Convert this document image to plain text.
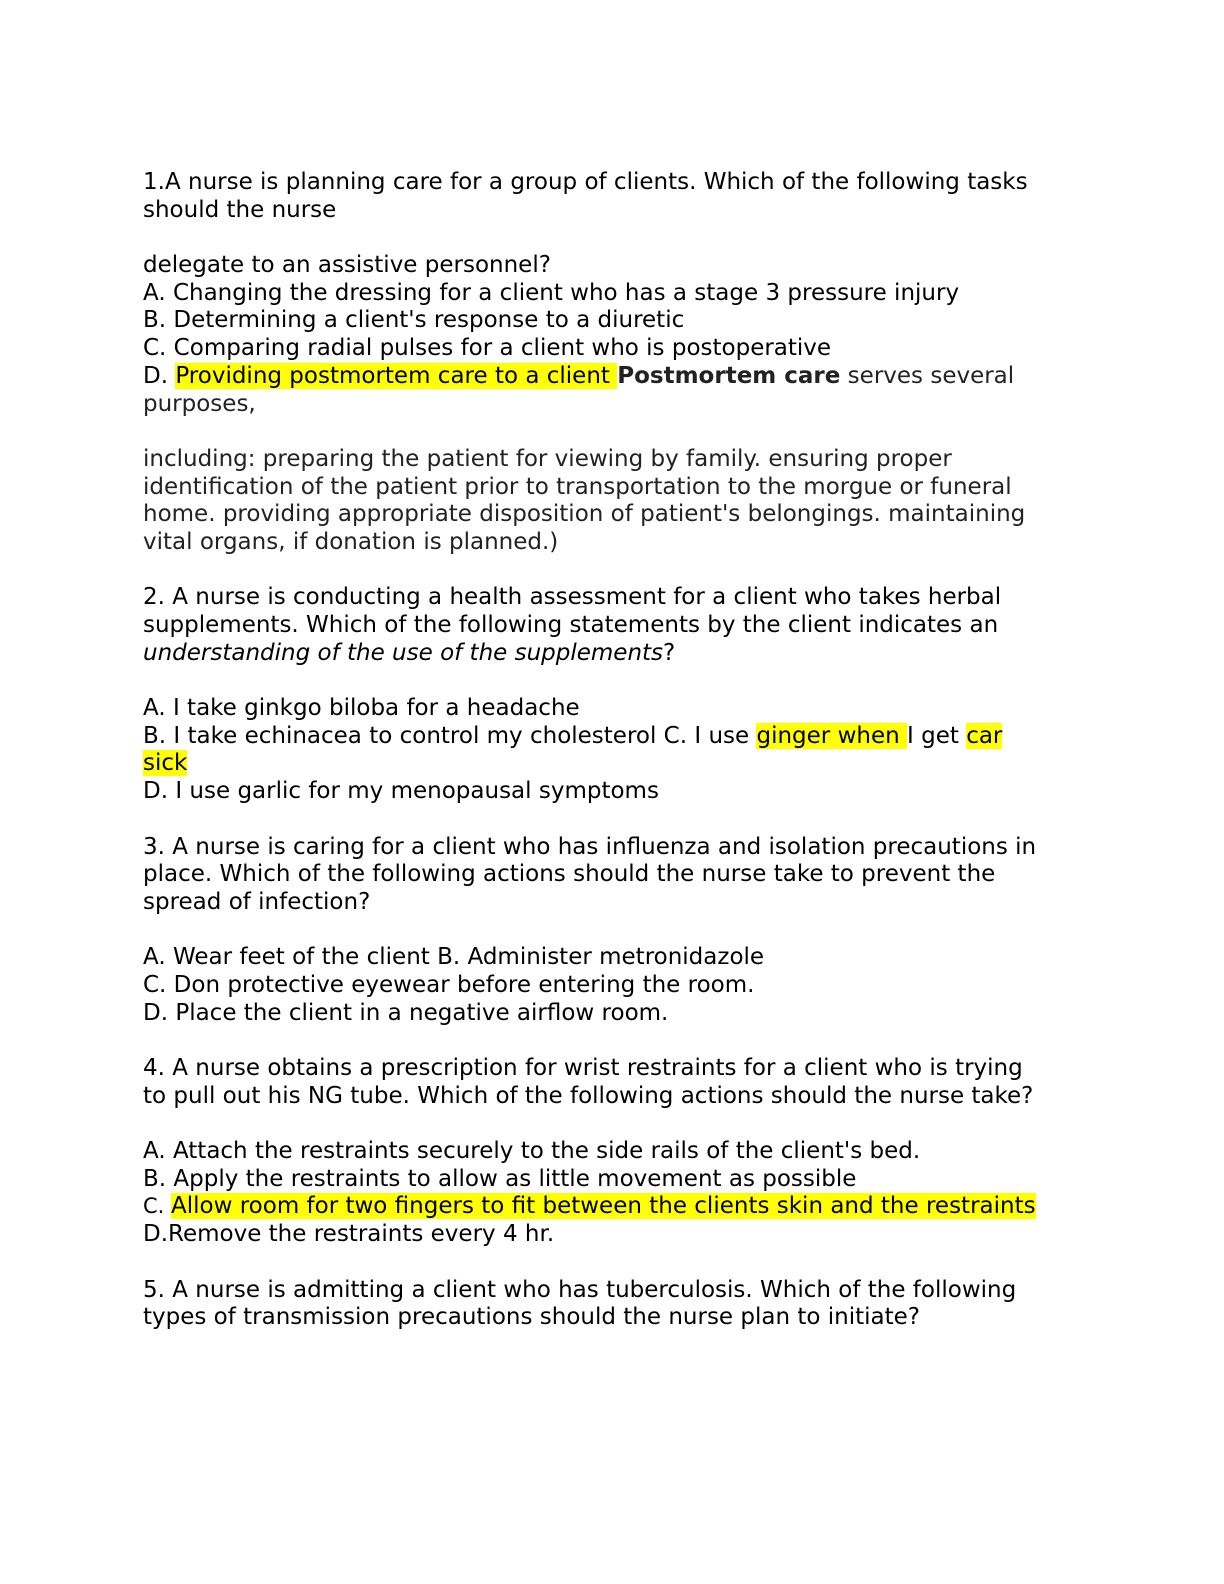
1.A nurse is planning care for a group of clients. Which of the following tasks
should the nurse
delegate to an assistive personnel?
A. Changing the dressing for a client who has a stage 3 pressure injury
B. Determining a client's response to a diuretic
C. Comparing radial pulses for a client who is postoperative
D. Providing postmortem care to a client Postmortem care serves several
purposes,
including: preparing the patient for viewing by family. ensuring proper
identification of the patient prior to transportation to the morgue or funeral
home. providing appropriate disposition of patient's belongings. maintaining
vital organs, if donation is planned.)
2. A nurse is conducting a health assessment for a client who takes herbal
supplements. Which of the following statements by the client indicates an
understanding of the use of the supplements?
A. I take ginkgo biloba for a headache
B. I take echinacea to control my cholesterol C. I use ginger when I get car
sick
D. I use garlic for my menopausal symptoms
3. A nurse is caring for a client who has influenza and isolation precautions in
place. Which of the following actions should the nurse take to prevent the
spread of infection?
A. Wear feet of the client B. Administer metronidazole
C. Don protective eyewear before entering the room.
D. Place the client in a negative airflow room.
4. A nurse obtains a prescription for wrist restraints for a client who is trying
to pull out his NG tube. Which of the following actions should the nurse take?
A. Attach the restraints securely to the side rails of the client's bed.
B. Apply the restraints to allow as little movement as possible
C. Allow room for two fingers to fit between the clients skin and the restraints
D.Remove the restraints every 4 hr.
5. A nurse is admitting a client who has tuberculosis. Which of the following
types of transmission precautions should the nurse plan to initiate?
